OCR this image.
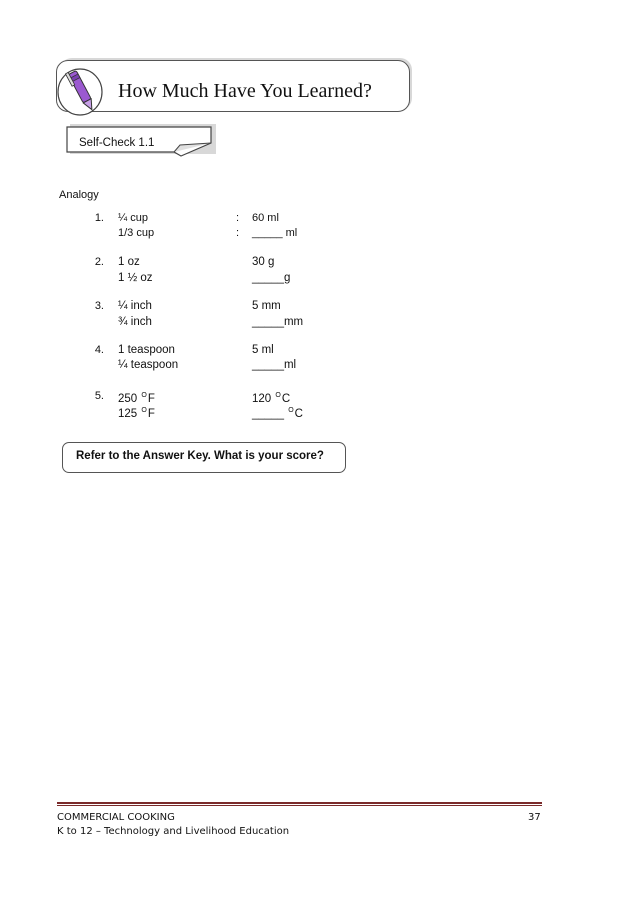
How Much Have You Learned?
Self-Check 1.1
Analogy
1. ¼ cup
1/3 cup
:
:
60 ml
_____ ml
2. 1 oz
1 ½ oz
30 g
_____g
3. ¼ inch
¾ inch
5 mm
_____mm
4. 1 teaspoon
¼ teaspoon
5 ml
_____ml
5. 250 $^O$F
125 $^O$F
120 $^O$C
_____ $^O$C
Refer to the Answer Key. What is your score?
COMMERCIAL COOKING
K to 12 – Technology and Livelihood Education
37
